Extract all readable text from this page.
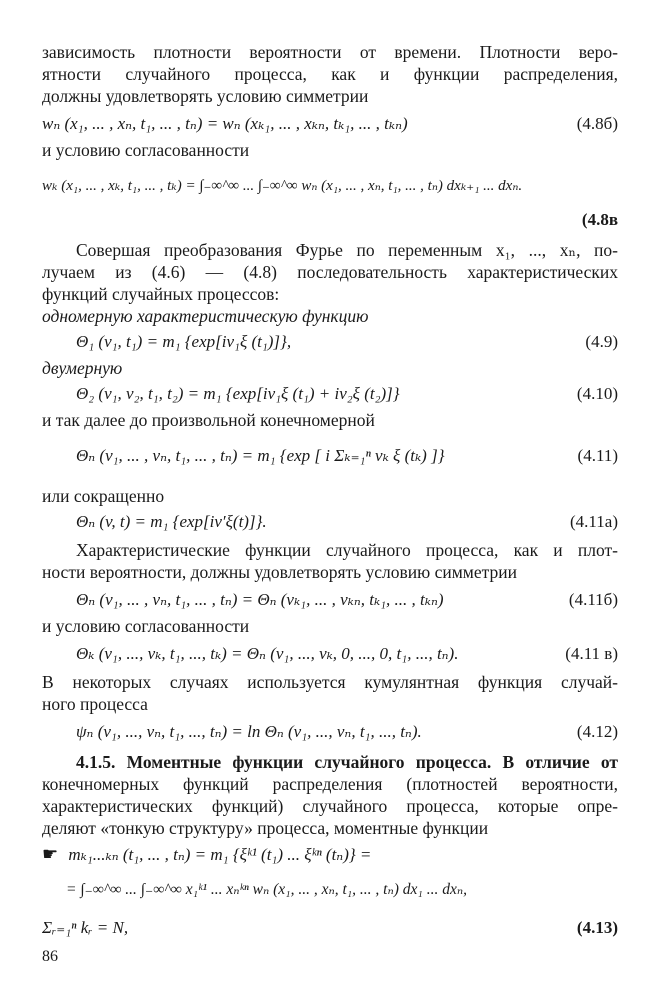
зависимость плотности вероятности от времени. Плотности веро-
ятности случайного процесса, как и функции распределения,
должны удовлетворять условию симметрии
wₙ (x₁, ... , xₙ, t₁, ... , tₙ) = wₙ (xₖ₁, ... , xₖₙ, tₖ₁, ... , tₖₙ)	(4.8б)
и условию согласованности
wₖ (x₁, ... , xₖ, t₁, ... , tₖ) = ∫₋∞^∞ ... ∫₋∞^∞ wₙ (x₁, ... , xₙ, t₁, ... , tₙ) dxₖ₊₁ ... dxₙ.
(4.8в
Совершая преобразования Фурье по переменным x₁, ..., xₙ, по-
лучаем из (4.6) — (4.8) последовательность характеристических
функций случайных процессов:
одномерную характеристическую функцию
Θ₁ (v₁, t₁) = m₁ {exp[iv₁ξ (t₁)]},	(4.9)
двумерную
Θ₂ (v₁, v₂, t₁, t₂) = m₁ {exp[iv₁ξ (t₁) + iv₂ξ (t₂)]}	(4.10)
и так далее до произвольной конечномерной
Θₙ (v₁, ... , vₙ, t₁, ... , tₙ) = m₁ {exp [ i Σₖ₌₁ⁿ vₖ ξ (tₖ) ]}	(4.11)
или сокращенно
Θₙ (v, t) = m₁ {exp[iv′ξ(t)]}.	(4.11а)
Характеристические функции случайного процесса, как и плот-
ности вероятности, должны удовлетворять условию симметрии
Θₙ (v₁, ... , vₙ, t₁, ... , tₙ) = Θₙ (vₖ₁, ... , vₖₙ, tₖ₁, ... , tₖₙ)	(4.11б)
и условию согласованности
Θₖ (v₁, ..., vₖ, t₁, ..., tₖ) = Θₙ (v₁, ..., vₖ, 0, ..., 0, t₁, ..., tₙ).	(4.11 в)
В некоторых случаях используется кумулянтная функция случай-
ного процесса
ψₙ (v₁, ..., vₙ, t₁, ..., tₙ) = ln Θₙ (v₁, ..., vₙ, t₁, ..., tₙ).	(4.12)
4.1.5. Моментные функции случайного процесса. В отличие от
конечномерных функций распределения (плотностей вероятности,
характеристических функций) случайного процесса, которые опре-
деляют «тонкую структуру» процесса, моментные функции
☛ mₖ₁...ₖₙ (t₁, ... , tₙ) = m₁ {ξᵏ¹ (t₁) ... ξᵏⁿ (tₙ)} =
= ∫₋∞^∞ ... ∫₋∞^∞ x₁ᵏ¹ ... xₙᵏⁿ wₙ (x₁, ... , xₙ, t₁, ... , tₙ) dx₁ ... dxₙ,
Σᵣ₌₁ⁿ kᵣ = N,	(4.13)
86
